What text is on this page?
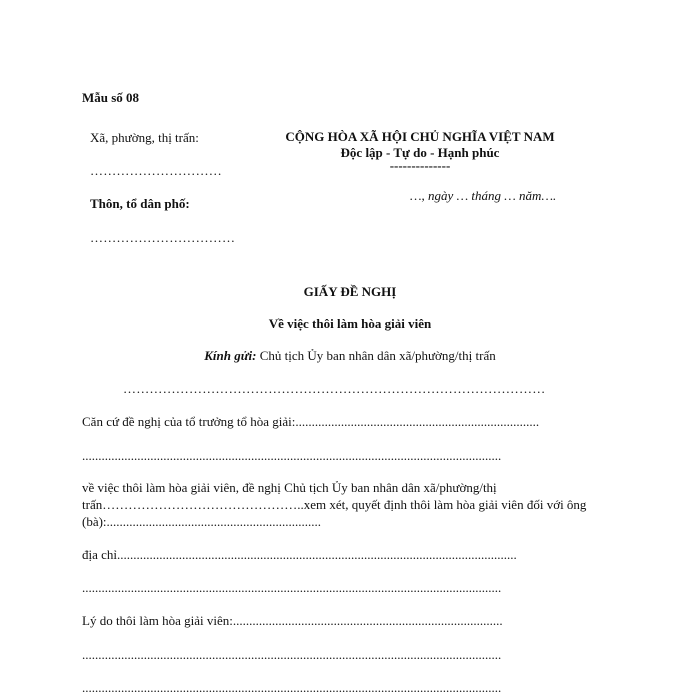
Mẫu số 08
Xã, phường, thị trấn:
…………………………
Thôn, tổ dân phố:
……………………………
CỘNG HÒA XÃ HỘI CHỦ NGHĨA VIỆT NAM
Độc lập - Tự do - Hạnh phúc
--------------
…, ngày … tháng … năm….
GIẤY ĐỀ NGHỊ
Về việc thôi làm hòa giải viên
Kính gửi: Chủ tịch Ủy ban nhân dân xã/phường/thị trấn
……………………………………………………………………………………
Căn cứ đề nghị của tổ trưởng tổ hòa giải:...........................................................................
.................................................................................................................................
về việc thôi làm hòa giải viên, đề nghị Chủ tịch Ủy ban nhân dân xã/phường/thị
trấn………………………………………..xem xét, quyết định thôi làm hòa giải viên đối với ông
(bà):..................................................................
địa chỉ...........................................................................................................................
.................................................................................................................................
Lý do thôi làm hòa giải viên:...................................................................................
.................................................................................................................................
.................................................................................................................................
